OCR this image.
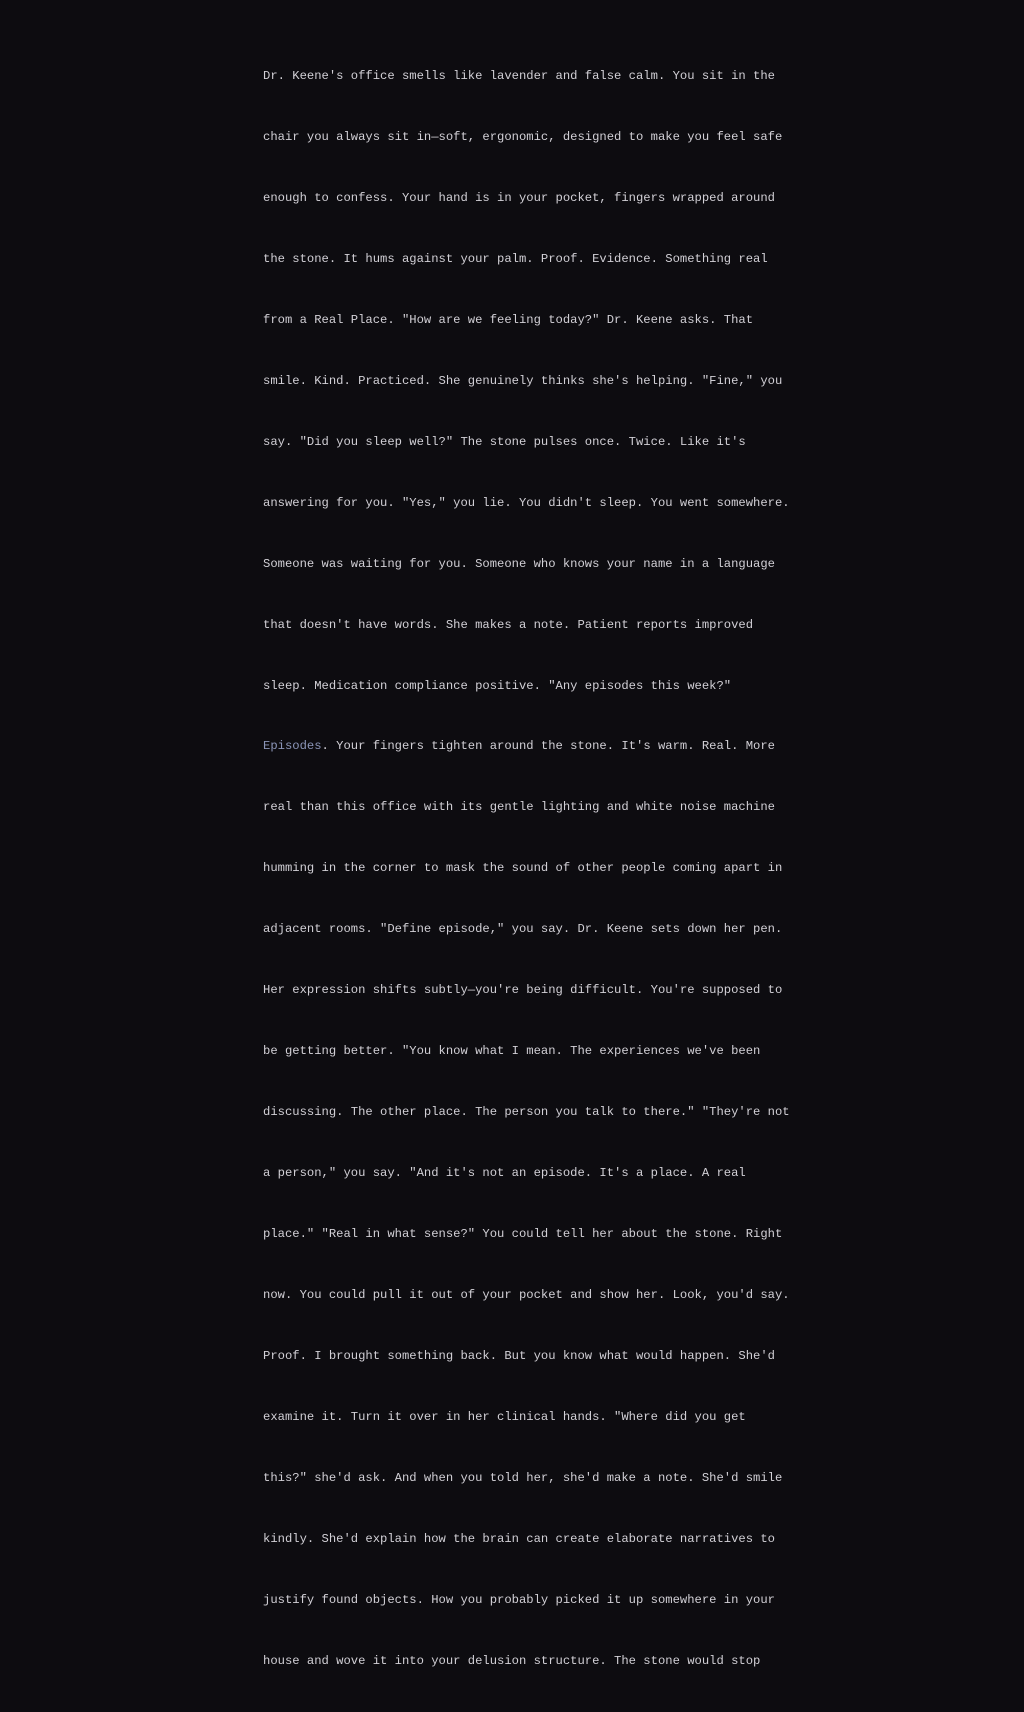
Dr. Keene's office smells like lavender and false calm. You sit in the

chair you always sit in—soft, ergonomic, designed to make you feel safe

enough to confess. Your hand is in your pocket, fingers wrapped around

the stone. It hums against your palm. Proof. Evidence. Something real

from a Real Place. "How are we feeling today?" Dr. Keene asks. That

smile. Kind. Practiced. She genuinely thinks she's helping. "Fine," you

say. "Did you sleep well?" The stone pulses once. Twice. Like it's

answering for you. "Yes," you lie. You didn't sleep. You went somewhere.

Someone was waiting for you. Someone who knows your name in a language

that doesn't have words. She makes a note. Patient reports improved

sleep. Medication compliance positive. "Any episodes this week?"

Episodes. Your fingers tighten around the stone. It's warm. Real. More

real than this office with its gentle lighting and white noise machine

humming in the corner to mask the sound of other people coming apart in

adjacent rooms. "Define episode," you say. Dr. Keene sets down her pen.

Her expression shifts subtly—you're being difficult. You're supposed to

be getting better. "You know what I mean. The experiences we've been

discussing. The other place. The person you talk to there." "They're not

a person," you say. "And it's not an episode. It's a place. A real

place." "Real in what sense?" You could tell her about the stone. Right

now. You could pull it out of your pocket and show her. Look, you'd say.

Proof. I brought something back. But you know what would happen. She'd

examine it. Turn it over in her clinical hands. "Where did you get

this?" she'd ask. And when you told her, she'd make a note. She'd smile

kindly. She'd explain how the brain can create elaborate narratives to

justify found objects. How you probably picked it up somewhere in your

house and wove it into your delusion structure. The stone would stop
